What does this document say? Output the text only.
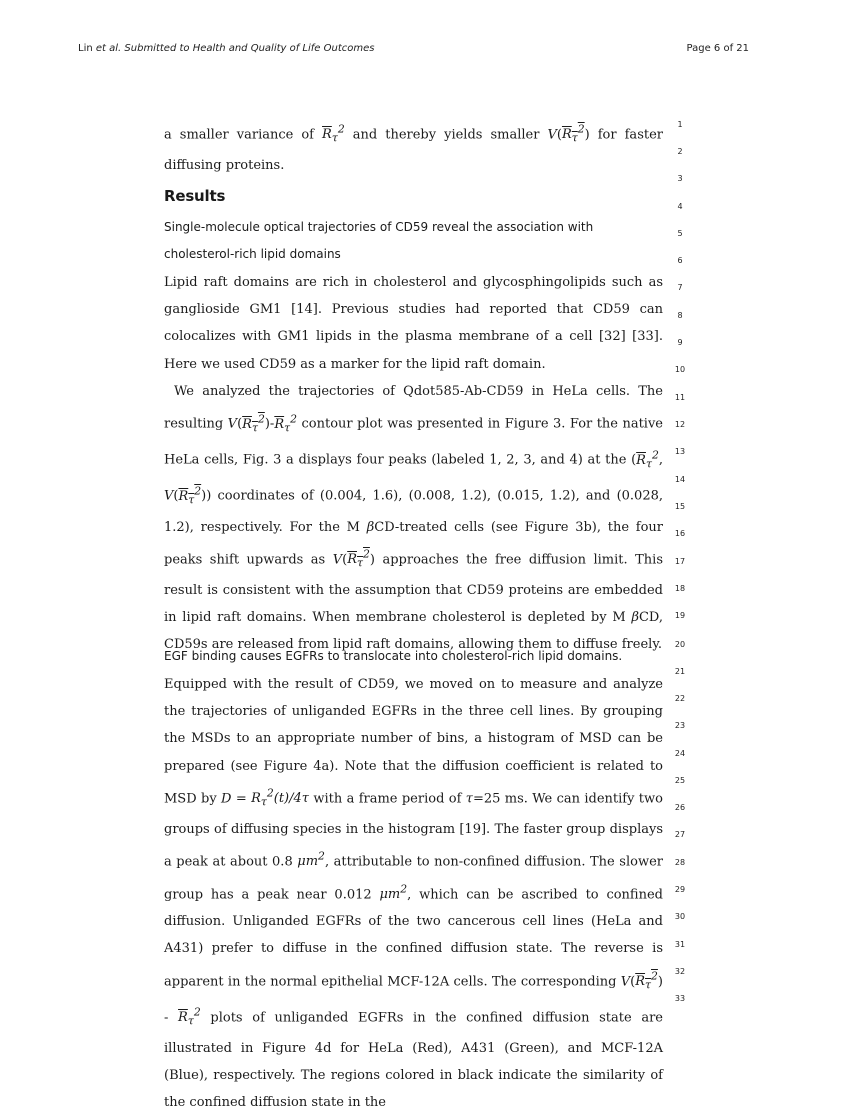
Lin et al. Submitted to Health and Quality of Life Outcomes	Page 6 of 21

a smaller variance of $\overline{R}_\tau^2$ and thereby yields smaller $V(R_\tau^2)$ for faster diffusing proteins.

Results
Single-molecule optical trajectories of CD59 reveal the association with cholesterol-rich lipid domains

Lipid raft domains are rich in cholesterol and glycosphingolipids such as ganglioside GM1 [14]. Previous studies had reported that CD59 can colocalizes with GM1 lipids in the plasma membrane of a cell [32] [33]. Here we used CD59 as a marker for the lipid raft domain.

We analyzed the trajectories of Qdot585-Ab-CD59 in HeLa cells. The resulting $V(R_\tau^2)-\overline{R}_\tau^2$ contour plot was presented in Figure 3. For the native HeLa cells, Fig. 3 a displays four peaks (labeled 1, 2, 3, and 4) at the ($\overline{R}_\tau^2$, $V(R_\tau^2)$) coordinates of (0.004, 1.6), (0.008, 1.2), (0.015, 1.2), and (0.028, 1.2), respectively. For the M βCD-treated cells (see Figure 3b), the four peaks shift upwards as $V(R_\tau^2)$ approaches the free diffusion limit. This result is consistent with the assumption that CD59 proteins are embedded in lipid raft domains. When membrane cholesterol is depleted by M βCD, CD59s are released from lipid raft domains, allowing them to diffuse freely.

EGF binding causes EGFRs to translocate into cholesterol-rich lipid domains.

Equipped with the result of CD59, we moved on to measure and analyze the trajectories of unliganded EGFRs in the three cell lines. By grouping the MSDs to an appropriate number of bins, a histogram of MSD can be prepared (see Figure 4a). Note that the diffusion coefficient is related to MSD by $D = R_\tau^2(t)/4\tau$ with a frame period of τ=25 ms. We can identify two groups of diffusing species in the histogram [19]. The faster group displays a peak at about 0.8 $\mu m^2$, attributable to non-confined diffusion. The slower group has a peak near 0.012 $\mu m^2$, which can be ascribed to confined diffusion. Unliganded EGFRs of the two cancerous cell lines (HeLa and A431) prefer to diffuse in the confined diffusion state. The reverse is apparent in the normal epithelial MCF-12A cells. The corresponding $V(R_\tau^2) - \overline{R}_\tau^2$ plots of unliganded EGFRs in the confined diffusion state are illustrated in Figure 4d for HeLa (Red), A431 (Green), and MCF-12A (Blue), respectively. The regions colored in black indicate the similarity of the confined diffusion state in the

1
2
3
4
5
6
7
8
9
10
11
12
13
14
15
16
17
18
19
20
21
22
23
24
25
26
27
28
29
30
31
32
33
